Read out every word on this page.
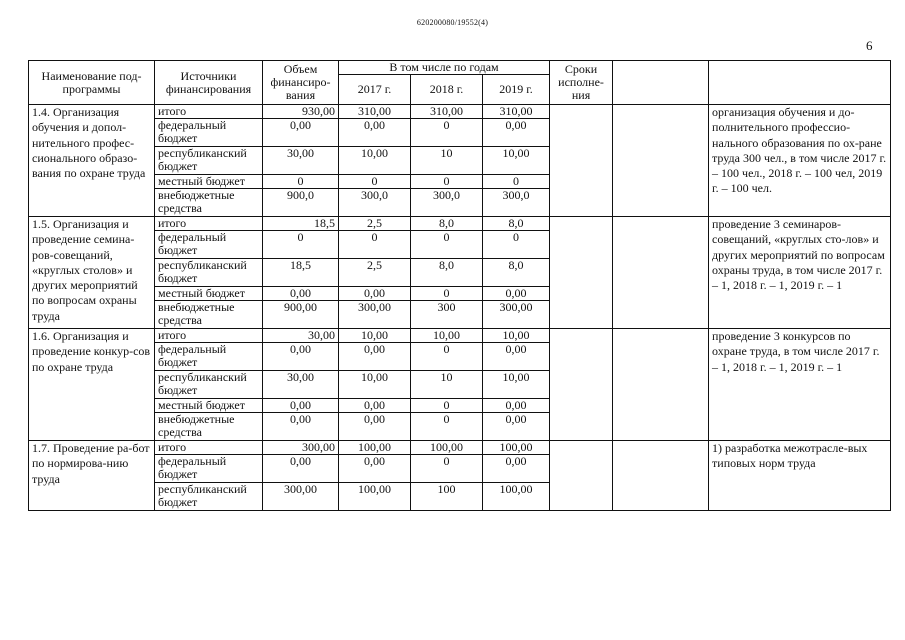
620200080/19552(4)
6
Наименование под-программы	Источники финансирования	Объем финансиро-вания	В том числе по годам			Сроки исполне-ния		
			2017 г.	2018 г.	2019 г.			
1.4. Организация обучения и допол-нительного профес-сионального образо-вания по охране труда	итого	930,00	310,00	310,00	310,00			организация обучения и до-полнительного профессио-нального образования по ох-ране труда 300 чел., в том числе 2017 г. – 100 чел., 2018 г. – 100 чел, 2019 г. – 100 чел.
	федеральный бюджет	0,00	0,00	0	0,00			
	республиканский бюджет	30,00	10,00	10	10,00			
	местный бюджет	0	0	0	0			
	внебюджетные средства	900,0	300,0	300,0	300,0			
1.5. Организация и проведение семина-ров-совещаний, «круглых столов» и других мероприятий по вопросам охраны труда	итого	18,5	2,5	8,0	8,0			проведение 3 семинаров-совещаний, «круглых сто-лов» и других мероприятий по вопросам охраны труда, в том числе 2017 г. – 1, 2018 г. – 1, 2019 г. – 1
	федеральный бюджет	0	0	0	0			
	республиканский бюджет	18,5	2,5	8,0	8,0			
	местный бюджет	0,00	0,00	0	0,00			
	внебюджетные средства	900,00	300,00	300	300,00			
1.6. Организация и проведение конкур-сов по охране труда	итого	30,00	10,00	10,00	10,00			проведение 3 конкурсов по охране труда, в том числе 2017 г. – 1, 2018 г. – 1, 2019 г. – 1
	федеральный бюджет	0,00	0,00	0	0,00			
	республиканский бюджет	30,00	10,00	10	10,00			
	местный бюджет	0,00	0,00	0	0,00			
	внебюджетные средства	0,00	0,00	0	0,00			
1.7. Проведение ра-бот по нормирова-нию труда	итого	300,00	100,00	100,00	100,00			1) разработка межотрасле-вых типовых норм труда
	федеральный бюджет	0,00	0,00	0	0,00			
	республиканский бюджет	300,00	100,00	100	100,00			
